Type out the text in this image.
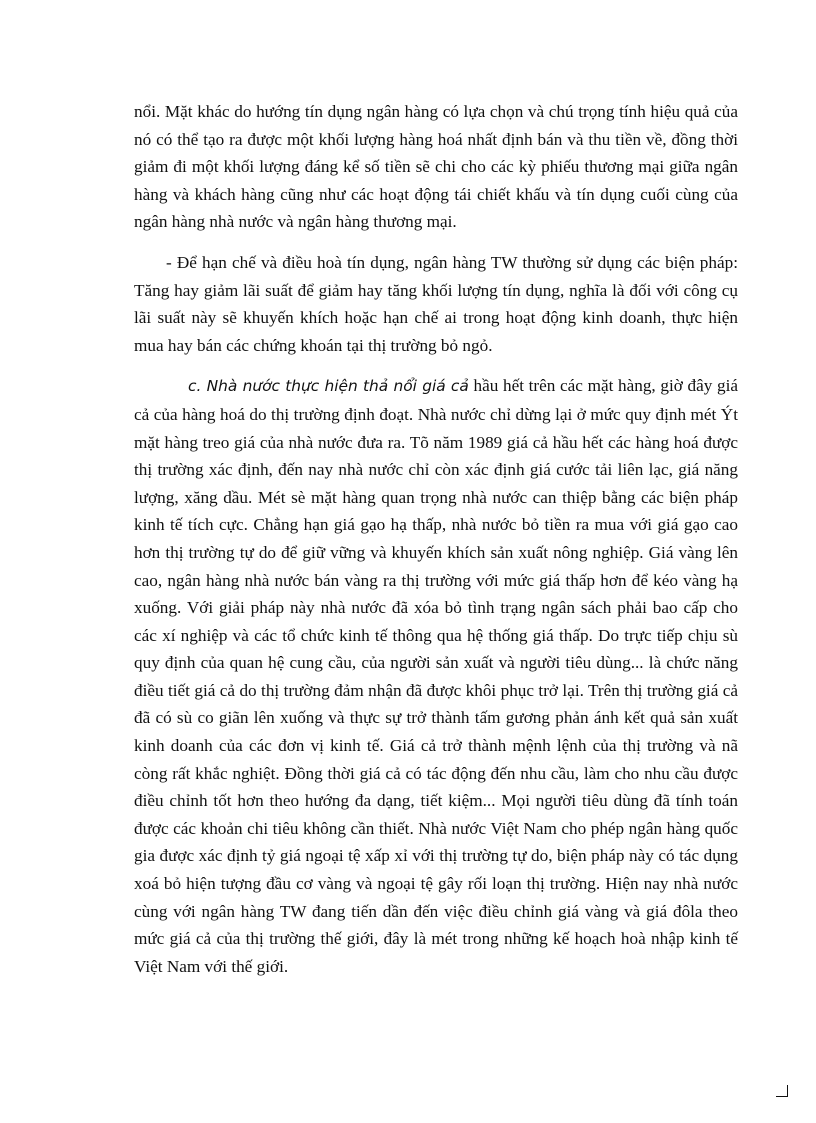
nổi. Mặt khác do hướng tín dụng ngân hàng có lựa chọn và chú trọng tính hiệu quả của nó có thể tạo ra được một khối lượng hàng hoá nhất định bán và thu tiền về, đồng thời giảm đi một khối lượng đáng kể số tiền sẽ chi cho các kỳ phiếu thương mại giữa ngân hàng và khách hàng cũng như các hoạt động tái chiết khấu và tín dụng cuối cùng của ngân hàng nhà nước và ngân hàng thương mại.

- Để hạn chế và điều hoà tín dụng, ngân hàng TW thường sử dụng các biện pháp: Tăng hay giảm lãi suất để giảm hay tăng khối lượng tín dụng, nghĩa là đối với công cụ lãi suất này sẽ khuyến khích hoặc hạn chế ai trong hoạt động kinh doanh, thực hiện mua hay bán các chứng khoán tại thị trường bỏ ngỏ.

c. Nhà nước thực hiện thả nổi giá cả hầu hết trên các mặt hàng, giờ đây giá cả của hàng hoá do thị trường định đoạt. Nhà nước chỉ dừng lại ở mức quy định mét Ýt mặt hàng treo giá của nhà nước đưa ra. Tõ năm 1989 giá cả hầu hết các hàng hoá được thị trường xác định, đến nay nhà nước chỉ còn xác định giá cước tải liên lạc, giá năng lượng, xăng dầu. Mét sè mặt hàng quan trọng nhà nước can thiệp bằng các biện pháp kinh tế tích cực. Chẳng hạn giá gạo hạ thấp, nhà nước bỏ tiền ra mua với giá gạo cao hơn thị trường tự do để giữ vững và khuyến khích sản xuất nông nghiệp. Giá vàng lên cao, ngân hàng nhà nước bán vàng ra thị trường với mức giá thấp hơn để kéo vàng hạ xuống. Với giải pháp này nhà nước đã xóa bỏ tình trạng ngân sách phải bao cấp cho các xí nghiệp và các tổ chức kinh tế thông qua hệ thống giá thấp. Do trực tiếp chịu sù quy định của quan hệ cung cầu, của người sản xuất và người tiêu dùng... là chức năng điều tiết giá cả do thị trường đảm nhận đã được khôi phục trở lại. Trên thị trường giá cả đã có sù co giãn lên xuống và thực sự trở thành tấm gương phản ánh kết quả sản xuất kinh doanh của các đơn vị kinh tế. Giá cả trở thành mệnh lệnh của thị trường và nã còng rất khắc nghiệt. Đồng thời giá cả có tác động đến nhu cầu, làm cho nhu cầu được điều chỉnh tốt hơn theo hướng đa dạng, tiết kiệm... Mọi người tiêu dùng đã tính toán được các khoản chi tiêu không cần thiết. Nhà nước Việt Nam cho phép ngân hàng quốc gia được xác định tỷ giá ngoại tệ xấp xỉ với thị trường tự do, biện pháp này có tác dụng xoá bỏ hiện tượng đầu cơ vàng và ngoại tệ gây rối loạn thị trường. Hiện nay nhà nước cùng với ngân hàng TW đang tiến dần đến việc điều chỉnh giá vàng và giá đôla theo mức giá cả của thị trường thế giới, đây là mét trong những kế hoạch hoà nhập kinh tế Việt Nam với thế giới.
